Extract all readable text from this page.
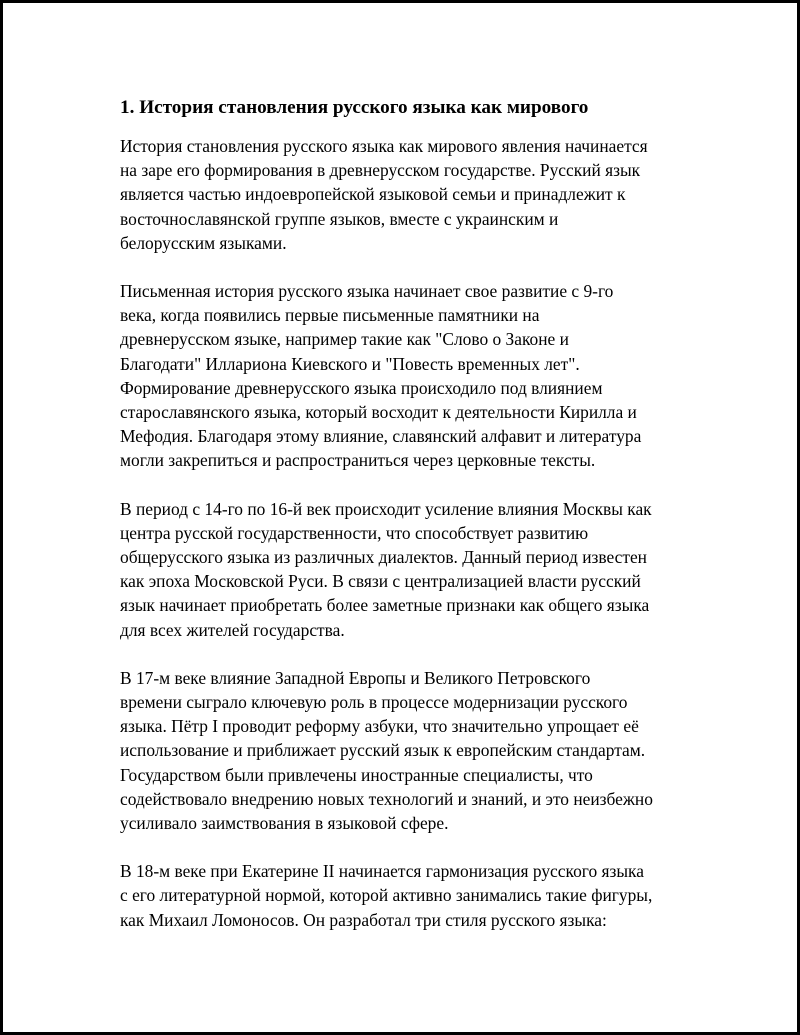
1. История становления русского языка как мирового

История становления русского языка как мирового явления начинается
на заре его формирования в древнерусском государстве. Русский язык
является частью индоевропейской языковой семьи и принадлежит к
восточнославянской группе языков, вместе с украинским и
белорусским языками.

Письменная история русского языка начинает свое развитие с 9-го
века, когда появились первые письменные памятники на
древнерусском языке, например такие как "Слово о Законе и
Благодати" Иллариона Киевского и "Повесть временных лет".
Формирование древнерусского языка происходило под влиянием
старославянского языка, который восходит к деятельности Кирилла и
Мефодия. Благодаря этому влияние, славянский алфавит и литература
могли закрепиться и распространиться через церковные тексты.

В период с 14-го по 16-й век происходит усиление влияния Москвы как
центра русской государственности, что способствует развитию
общерусского языка из различных диалектов. Данный период известен
как эпоха Московской Руси. В связи с централизацией власти русский
язык начинает приобретать более заметные признаки как общего языка
для всех жителей государства.

В 17-м веке влияние Западной Европы и Великого Петровского
времени сыграло ключевую роль в процессе модернизации русского
языка. Пётр I проводит реформу азбуки, что значительно упрощает её
использование и приближает русский язык к европейским стандартам.
Государством были привлечены иностранные специалисты, что
содействовало внедрению новых технологий и знаний, и это неизбежно
усиливало заимствования в языковой сфере.

В 18-м веке при Екатерине II начинается гармонизация русского языка
с его литературной нормой, которой активно занимались такие фигуры,
как Михаил Ломоносов. Он разработал три стиля русского языка:
